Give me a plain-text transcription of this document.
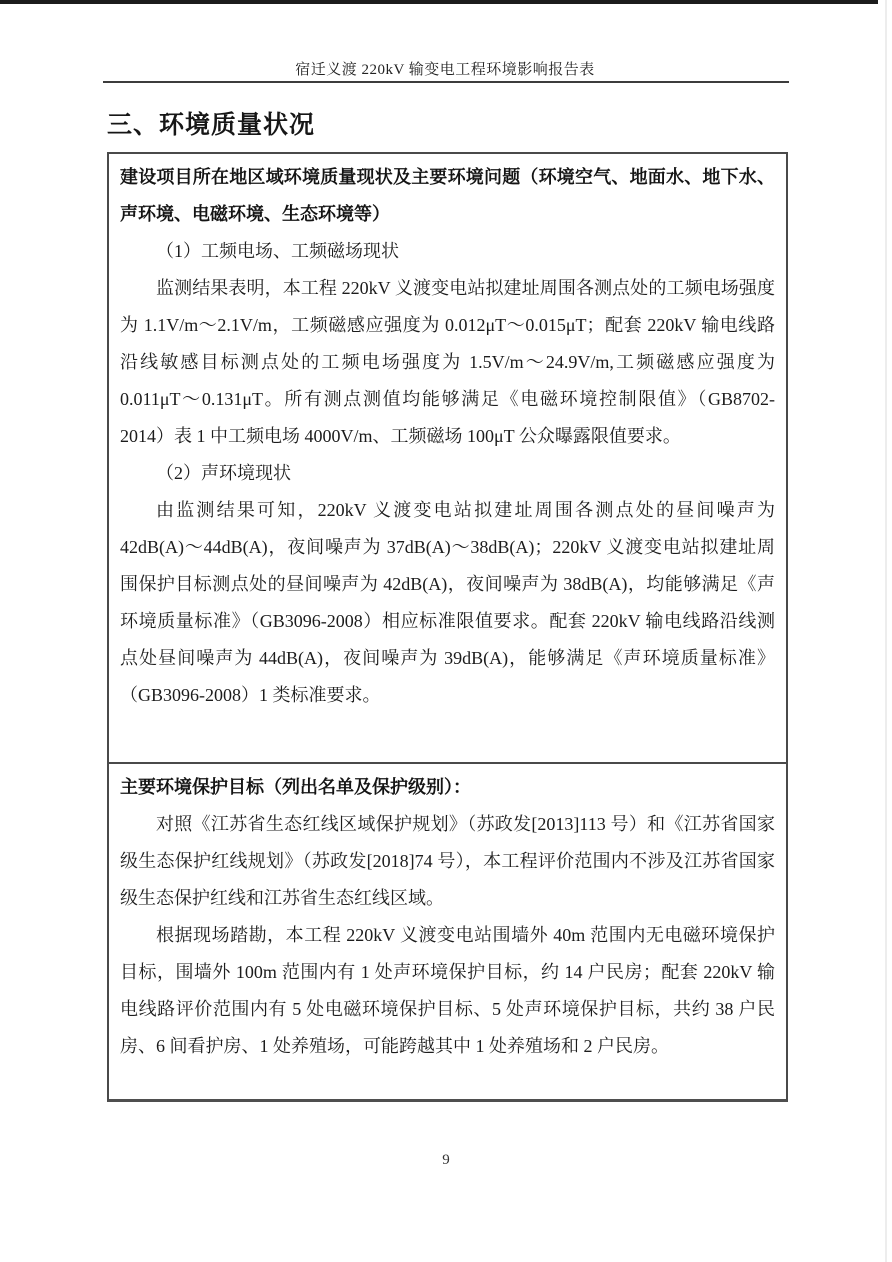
宿迁义渡 220kV 输变电工程环境影响报告表
三、环境质量状况
建设项目所在地区域环境质量现状及主要环境问题（环境空气、地面水、地下水、声环境、电磁环境、生态环境等）
（1）工频电场、工频磁场现状
监测结果表明，本工程 220kV 义渡变电站拟建址周围各测点处的工频电场强度为 1.1V/m～2.1V/m，工频磁感应强度为 0.012μT～0.015μT；配套 220kV 输电线路沿线敏感目标测点处的工频电场强度为 1.5V/m～24.9V/m,工频磁感应强度为 0.011μT～0.131μT。所有测点测值均能够满足《电磁环境控制限值》（GB8702-2014）表 1 中工频电场 4000V/m、工频磁场 100μT 公众曝露限值要求。
（2）声环境现状
由监测结果可知，220kV 义渡变电站拟建址周围各测点处的昼间噪声为 42dB(A)～44dB(A)，夜间噪声为 37dB(A)～38dB(A)；220kV 义渡变电站拟建址周围保护目标测点处的昼间噪声为 42dB(A)，夜间噪声为 38dB(A)，均能够满足《声环境质量标准》（GB3096-2008）相应标准限值要求。配套 220kV 输电线路沿线测点处昼间噪声为 44dB(A)，夜间噪声为 39dB(A)，能够满足《声环境质量标准》（GB3096-2008）1 类标准要求。
主要环境保护目标（列出名单及保护级别）：
对照《江苏省生态红线区域保护规划》（苏政发[2013]113 号）和《江苏省国家级生态保护红线规划》（苏政发[2018]74 号），本工程评价范围内不涉及江苏省国家级生态保护红线和江苏省生态红线区域。
根据现场踏勘，本工程 220kV 义渡变电站围墙外 40m 范围内无电磁环境保护目标，围墙外 100m 范围内有 1 处声环境保护目标，约 14 户民房；配套 220kV 输电线路评价范围内有 5 处电磁环境保护目标、5 处声环境保护目标，共约 38 户民房、6 间看护房、1 处养殖场，可能跨越其中 1 处养殖场和 2 户民房。
9
